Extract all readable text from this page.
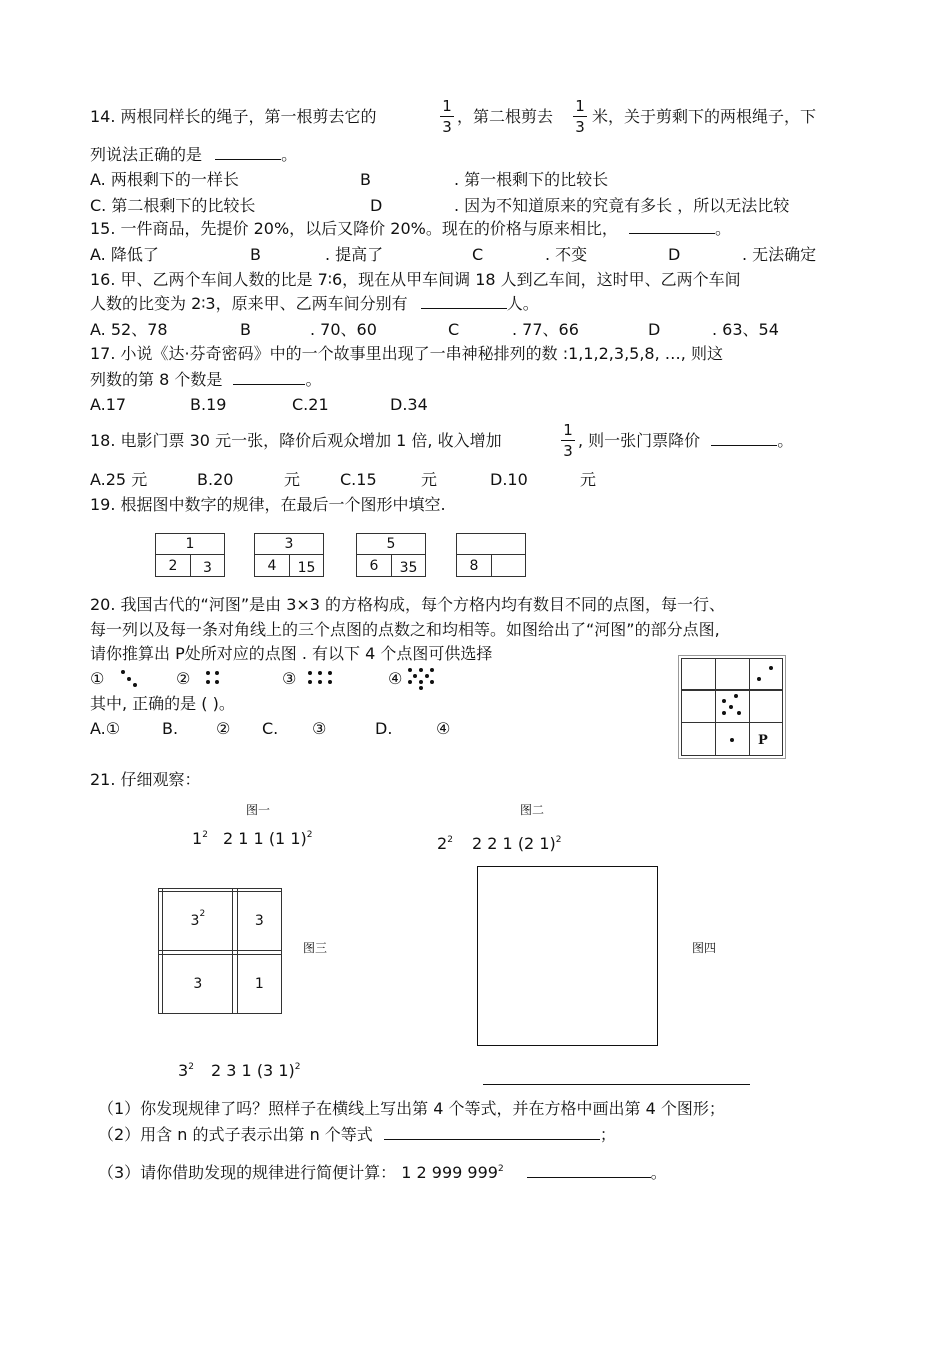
14. 两根同样长的绳子，第一根剪去它的
1
3
，第二根剪去
1
3
米，关于剪剩下的两根绳子，下
列说法正确的是	。
A. 两根剩下的一样长	B	. 第一根剩下的比较长
C. 第二根剩下的比较长	D	. 因为不知道原来的究竟有多长 ，所以无法比较
15. 一件商品，先提价 20%，以后又降价 20%。现在的价格与原来相比，	。
A. 降低了	B	. 提高了	C	. 不变	D	. 无法确定
16. 甲、乙两个车间人数的比是 7∶6，现在从甲车间调 18 人到乙车间，这时甲、乙两个车间
人数的比变为 2∶3，原来甲、乙两车间分别有	人。
A. 52、78	B	. 70、60	C	. 77、66	D	. 63、54
17. 小说《达·芬奇密码》中的一个故事里出现了一串神秘排列的数 :1,1,2,3,5,8, …, 则这
列数的第 8 个数是	。
A.17	B.19	C.21	D.34
18. 电影门票 30 元一张，降价后观众增加 1 倍, 收入增加
1
3
, 则一张门票降价	。
A.25 元	B.20	元 C.15	元	D.10	元
19. 根据图中数字的规律，在最后一个图形中填空.
1
2	3
3
4	15
5
6	35	8
20. 我国古代的“河图”是由 3×3 的方格构成，每个方格内均有数目不同的点图，每一行、
每一列以及每一条对角线上的三个点图的点数之和均相等。如图给出了“河图”的部分点图,
请你推算出 P处所对应的点图 . 有以下 4 个点图可供选择
①	②	③	④
其中, 正确的是 ( )。
A.①	B. ② C. ③	D.	④
P
21. 仔细观察：
图一	图二
$1^2$ 2 1 1 (1 1)$^2$	$2^2$ 2 2 1 (2 1)$^2$

	$3^2$		3

	3		1
图三	图四
$3^2$ 2 3 1 (3 1)$^2$
（1）你发现规律了吗？照样子在横线上写出第 4 个等式，并在方格中画出第 4 个图形；
（2）用含 n 的式子表示出第 n 个等式	；
（3）请你借助发现的规律进行简便计算： 1 2 999 $999^2$	。
